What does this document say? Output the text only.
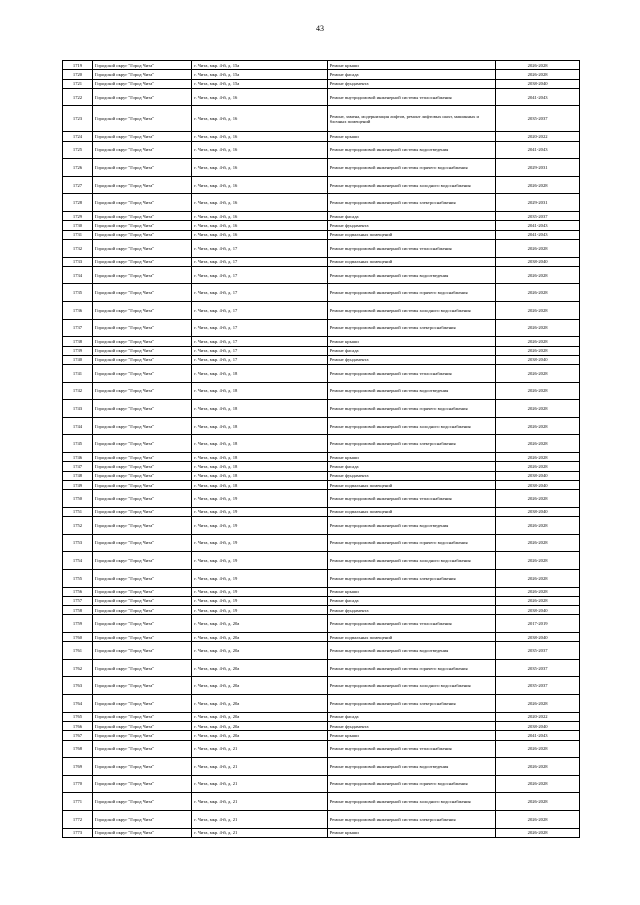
43
1719	Городской округ "Город Чита"	г. Чита, мкр. 4-й, д. 15а	Ремонт крыши	2026-2028
1720	Городской округ "Город Чита"	г. Чита, мкр. 4-й, д. 15а	Ремонт фасада	2026-2028
1721	Городской округ "Город Чита"	г. Чита, мкр. 4-й, д. 15а	Ремонт фундамента	2038-2040
1722	Городской округ "Город Чита"	г. Чита, мкр. 4-й, д. 16	Ремонт внутридомовой инженерной системы теплоснабжения	2041-2043
1723	Городской округ "Город Чита"	г. Чита, мкр. 4-й, д. 16	Ремонт, замена, модернизация лифтов, ремонт лифтовых шахт, машинных и блочных помещений	2035-2037
1724	Городской округ "Город Чита"	г. Чита, мкр. 4-й, д. 16	Ремонт крыши	2020-2022
1725	Городской округ "Город Чита"	г. Чита, мкр. 4-й, д. 16	Ремонт внутридомовой инженерной системы водоотведения	2041-2043
1726	Городской округ "Город Чита"	г. Чита, мкр. 4-й, д. 16	Ремонт внутридомовой инженерной системы горячего водоснабжения	2029-2031
1727	Городской округ "Город Чита"	г. Чита, мкр. 4-й, д. 16	Ремонт внутридомовой инженерной системы холодного водоснабжения	2026-2028
1728	Городской округ "Город Чита"	г. Чита, мкр. 4-й, д. 16	Ремонт внутридомовой инженерной системы электроснабжения	2029-2031
1729	Городской округ "Город Чита"	г. Чита, мкр. 4-й, д. 16	Ремонт фасада	2035-2037
1730	Городской округ "Город Чита"	г. Чита, мкр. 4-й, д. 16	Ремонт фундамента	2041-2043
1731	Городской округ "Город Чита"	г. Чита, мкр. 4-й, д. 16	Ремонт подвальных помещений	2041-2043
1732	Городской округ "Город Чита"	г. Чита, мкр. 4-й, д. 17	Ремонт внутридомовой инженерной системы теплоснабжения	2026-2028
1733	Городской округ "Город Чита"	г. Чита, мкр. 4-й, д. 17	Ремонт подвальных помещений	2038-2040
1734	Городской округ "Город Чита"	г. Чита, мкр. 4-й, д. 17	Ремонт внутридомовой инженерной системы водоотведения	2026-2028
1735	Городской округ "Город Чита"	г. Чита, мкр. 4-й, д. 17	Ремонт внутридомовой инженерной системы горячего водоснабжения	2026-2028
1736	Городской округ "Город Чита"	г. Чита, мкр. 4-й, д. 17	Ремонт внутридомовой инженерной системы холодного водоснабжения	2026-2028
1737	Городской округ "Город Чита"	г. Чита, мкр. 4-й, д. 17	Ремонт внутридомовой инженерной системы электроснабжения	2026-2028
1738	Городской округ "Город Чита"	г. Чита, мкр. 4-й, д. 17	Ремонт крыши	2026-2028
1739	Городской округ "Город Чита"	г. Чита, мкр. 4-й, д. 17	Ремонт фасада	2026-2028
1740	Городской округ "Город Чита"	г. Чита, мкр. 4-й, д. 17	Ремонт фундамента	2038-2040
1741	Городской округ "Город Чита"	г. Чита, мкр. 4-й, д. 18	Ремонт внутридомовой инженерной системы теплоснабжения	2026-2028
1742	Городской округ "Город Чита"	г. Чита, мкр. 4-й, д. 18	Ремонт внутридомовой инженерной системы водоотведения	2026-2028
1743	Городской округ "Город Чита"	г. Чита, мкр. 4-й, д. 18	Ремонт внутридомовой инженерной системы горячего водоснабжения	2026-2028
1744	Городской округ "Город Чита"	г. Чита, мкр. 4-й, д. 18	Ремонт внутридомовой инженерной системы холодного водоснабжения	2026-2028
1745	Городской округ "Город Чита"	г. Чита, мкр. 4-й, д. 18	Ремонт внутридомовой инженерной системы электроснабжения	2026-2028
1746	Городской округ "Город Чита"	г. Чита, мкр. 4-й, д. 18	Ремонт крыши	2026-2028
1747	Городской округ "Город Чита"	г. Чита, мкр. 4-й, д. 18	Ремонт фасада	2026-2028
1748	Городской округ "Город Чита"	г. Чита, мкр. 4-й, д. 18	Ремонт фундамента	2038-2040
1749	Городской округ "Город Чита"	г. Чита, мкр. 4-й, д. 18	Ремонт подвальных помещений	2038-2040
1750	Городской округ "Город Чита"	г. Чита, мкр. 4-й, д. 19	Ремонт внутридомовой инженерной системы теплоснабжения	2026-2028
1751	Городской округ "Город Чита"	г. Чита, мкр. 4-й, д. 19	Ремонт подвальных помещений	2038-2040
1752	Городской округ "Город Чита"	г. Чита, мкр. 4-й, д. 19	Ремонт внутридомовой инженерной системы водоотведения	2026-2028
1753	Городской округ "Город Чита"	г. Чита, мкр. 4-й, д. 19	Ремонт внутридомовой инженерной системы горячего водоснабжения	2026-2028
1754	Городской округ "Город Чита"	г. Чита, мкр. 4-й, д. 19	Ремонт внутридомовой инженерной системы холодного водоснабжения	2026-2028
1755	Городской округ "Город Чита"	г. Чита, мкр. 4-й, д. 19	Ремонт внутридомовой инженерной системы электроснабжения	2026-2028
1756	Городской округ "Город Чита"	г. Чита, мкр. 4-й, д. 19	Ремонт крыши	2026-2028
1757	Городской округ "Город Чита"	г. Чита, мкр. 4-й, д. 19	Ремонт фасада	2026-2028
1758	Городской округ "Город Чита"	г. Чита, мкр. 4-й, д. 19	Ремонт фундамента	2038-2040
1759	Городской округ "Город Чита"	г. Чита, мкр. 4-й, д. 20а	Ремонт внутридомовой инженерной системы теплоснабжения	2017-2019
1760	Городской округ "Город Чита"	г. Чита, мкр. 4-й, д. 20а	Ремонт подвальных помещений	2038-2040
1761	Городской округ "Город Чита"	г. Чита, мкр. 4-й, д. 20а	Ремонт внутридомовой инженерной системы водоотведения	2035-2037
1762	Городской округ "Город Чита"	г. Чита, мкр. 4-й, д. 20а	Ремонт внутридомовой инженерной системы горячего водоснабжения	2035-2037
1763	Городской округ "Город Чита"	г. Чита, мкр. 4-й, д. 20а	Ремонт внутридомовой инженерной системы холодного водоснабжения	2035-2037
1764	Городской округ "Город Чита"	г. Чита, мкр. 4-й, д. 20а	Ремонт внутридомовой инженерной системы электроснабжения	2026-2028
1765	Городской округ "Город Чита"	г. Чита, мкр. 4-й, д. 20а	Ремонт фасада	2020-2022
1766	Городской округ "Город Чита"	г. Чита, мкр. 4-й, д. 20а	Ремонт фундамента	2038-2040
1767	Городской округ "Город Чита"	г. Чита, мкр. 4-й, д. 20а	Ремонт крыши	2041-2043
1768	Городской округ "Город Чита"	г. Чита, мкр. 4-й, д. 21	Ремонт внутридомовой инженерной системы теплоснабжения	2026-2028
1769	Городской округ "Город Чита"	г. Чита, мкр. 4-й, д. 21	Ремонт внутридомовой инженерной системы водоотведения	2026-2028
1770	Городской округ "Город Чита"	г. Чита, мкр. 4-й, д. 21	Ремонт внутридомовой инженерной системы горячего водоснабжения	2026-2028
1771	Городской округ "Город Чита"	г. Чита, мкр. 4-й, д. 21	Ремонт внутридомовой инженерной системы холодного водоснабжения	2026-2028
1772	Городской округ "Город Чита"	г. Чита, мкр. 4-й, д. 21	Ремонт внутридомовой инженерной системы электроснабжения	2026-2028
1773	Городской округ "Город Чита"	г. Чита, мкр. 4-й, д. 21	Ремонт крыши	2026-2028
